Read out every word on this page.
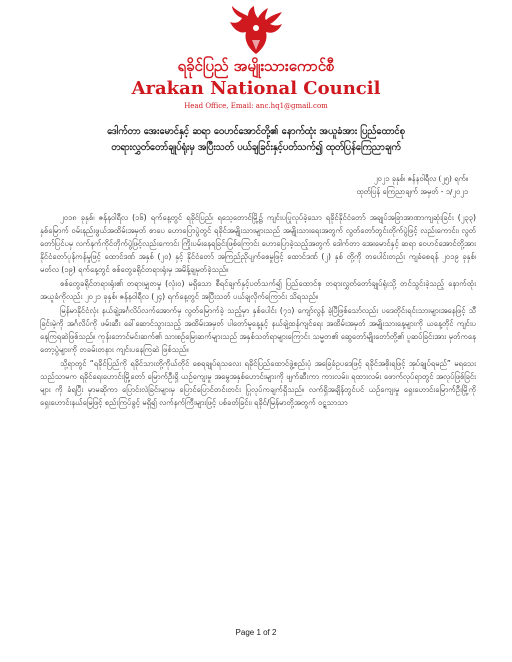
ရခိုင်ပြည် အမျိုးသားကောင်စီ
Arakan National Council
Head Office, Email: anc.hq1@gmail.com
ဒေါက်တာ အေးမောင်နှင့် ဆရာ ဝေဟင်အောင်တို့၏ နောက်ထုံး အယူခံအား ပြည်ထောင်စု
တရားလွှတ်တော်ချုပ်ရုံးမှ အပြီးသတ် ပယ်ချခြင်းနှင့်ပတ်သက်၍ ထုတ်ပြန်ကြေညာချက်
၂၀၂၁ ခုနှစ်၊ ဇန်နဝါရီလ (၂၅) ရက်။
ထုတ်ပြန် ကြေညာချက် အမှတ် - ၁/၂၀၂၁

၂၀၁၈ ခုနှစ်၊ ဇန်နဝါရီလ (၁၆) ရက်နေ့တွင် ရခိုင်ပြည်၊ ရသေ့တောင်မြို့၌ ကျင်းပပြုလုပ်ခဲ့သော ရခိုင်နိုင်ငံတော် အချုပ်အခြာအာဏာကျဆုံးခြင်း (၂၃၃) နှစ်မြောက် ဝမ်းနည်းဖွယ်အထိမ်းအမှတ် စာပေ ဟောပြောပွဲတွင် ရခိုင်အမျိုးသားများသည် အမျိုးသားရေးအတွက် လွတ်တော်တွင်းတိုက်ပွဲဖြင့် လည်းကောင်း၊ လွတ်တော်ပြင်ပမှ လက်နက်ကိုင်တိုက်ပွဲဖြင့်လည်းကောင်း ကြိုးပမ်းနေရခြင်းဖြစ်ကြောင်း ဟောပြောခဲ့သည့်အတွက် ဒေါက်တာ အေးမောင်နှင့် ဆရာ ဝေဟင်အောင်တို့အား နိုင်ငံတော်ပုန်ကန်မှုဖြင့် ထောင်ဒဏ် အနှစ် (၂၀) နှင့် နိုင်ငံတော် အကြည်ညိုပျက်စေမှုဖြင့် ထောင်ဒဏ် (၂) နှစ် တို့ကို တပေါင်းတည်း ကျခံစေရန် ၂၀၁၉ ခုနှစ်၊ မတ်လ (၁၉) ရက်နေ့တွင် စစ်တွေခရိုင်တရားရုံးမှ အမိန့်ချမှတ်ခဲ့သည်။

စစ်တွေခရိုင်တရားရုံး၏ တရားမျှတမှု (လုံး၀) မရှိသော စီရင်ချက်နှင့်ပတ်သက်၍ ပြည်ထောင်စု တရားလွှတ်တော်ချုပ်ရုံးသို့ တင်သွင်းခဲ့သည့် နောက်ထုံး အယူခံကိုလည်း ၂၀၂၁ ခုနှစ်၊ ဇန်နဝါရီလ (၂၄) ရက်နေ့တွင် အပြီးသတ် ပယ်ချလိုက်ကြောင်း သိရသည်။

မြန်မာနိုင်ငံလုံး နယ်ချဲ့အင်္ဂလိပ်လက်အောက်မှ လွတ်မြောက်ခဲ့ သည့်မှာ နှစ်ပေါင်း (၇၁) ကျော်လွန် ခဲ့ပြီဖြစ်သော်လည်း ပဒေတိုင်းရင်းသားများအနေဖြင့် သီခြင်းမဲ့ကို အင်္ဂလိပ်ကို ဖမ်းဆီး ခေါ်ဆောင်သွားသည့် အထိမ်းအမှတ် ပါတော်မူနေ့နှင့် နယ်ချဲ့ထန်ကျင်ရေး အထိမ်းအမှတ် အမျိုးသားနေ့များကို ယနေ့တိုင် ကျင်းပ နေကြရဆဲဖြစ်သည်။ ကုန်းဘောင်မင်းဆက်၏ သားစဉ်မြေးဆက်များသည် အနှစ်သတ်ရာများကြောင်း သမ္မတ၏ ဆွေတော်မျိုးတော်တို့၏ ပူဆပ်ခြင်းအား မှတ်ကနေတော့ပွဲများကို တခမ်းတနား ကျင်းပနေကြဆဲ ဖြစ်သည်။

သို့ရာတွင် “ရခိုင်ပြည်ကို ရခိုင်သားတို့ကိုယ်တိုင် စေရချုပ်ရသလေး ရခိုင်ပြည်ထောင်ဖွဲ့စည်းပုံ အခြေခံဥပဒေဖြင့် ရခိုင်အစိုးရဖြင့် အုပ်ချုပ်ရမည်” မရသေးသည်သာမက ရခိုင်ရေးဟောင်းမြို့တော် မြောက်ဦးရှိ ယဉ်ကျေးမှု အမွေအနှစ်ဟောင်းများကို ဖျက်ဆီးကာ ကားလမ်း၊ ရထားလမ်း ဖောက်လုပ်ရာတွင် အလုပ်ဖြစ်ခြင်းများ ကို ခံရပြီး မှာမဆိုကာ ပြောင်းလဲခြင်းများမှ ပြောင်ပြောင်တင်းတင်း ပြုလုပ်ကချက်ရှိသည်။ လက်ရှိအချိန်တွင်ပင် ယဉ်ကျေးမှု ရှေးဟောင်းမြောက်ဦးမြို့ကို ရှေးဟောင်းနယ်မြေဖြင့် စည်းကြပ်ခွင့် မရှိ၍ လက်နက်ကြီးများဖြင့် ပစ်ခတ်ခြင်း၊ ရခိုင်/မြန်မာတို့အတွက် ဝဋ္ဋသာသာ

Page 1 of 2
